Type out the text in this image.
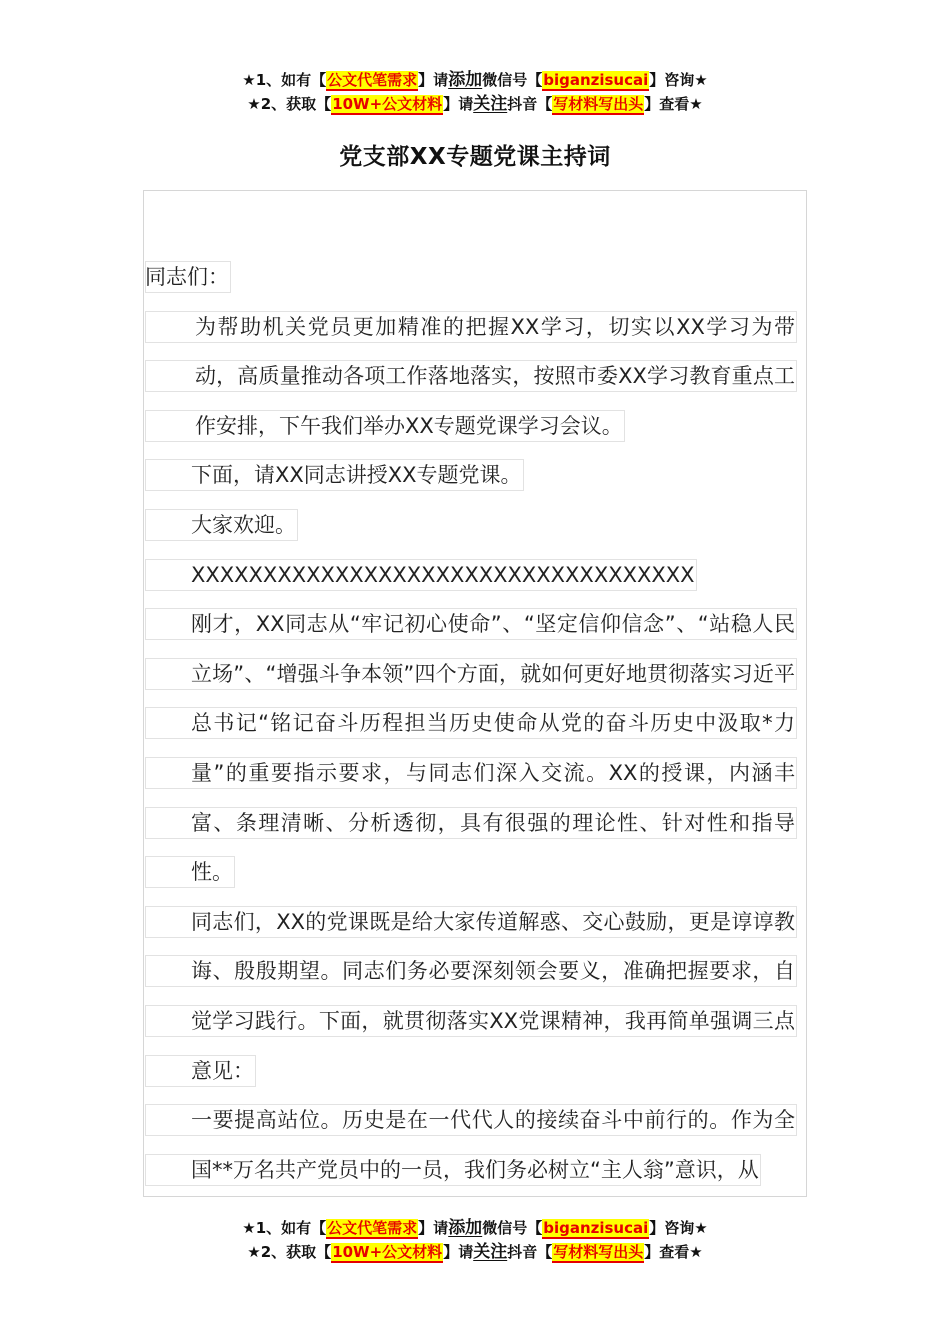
★1、如有【公文代笔需求】请添加微信号【biganzisucai】咨询★
★2、获取【10W+公文材料】请关注抖音【写材料写出头】查看★
党支部XX专题党课主持词

同志们：

为帮助机关党员更加精准的把握XX学习，切实以XX学习为带动，高质量推动各项工作落地落实，按照市委XX学习教育重点工作安排，下午我们举办XX专题党课学习会议。

下面，请XX同志讲授XX专题党课。

大家欢迎。

XXXXXXXXXXXXXXXXXXXXXXXXXXXXXXXXXXX

刚才，XX同志从“牢记初心使命”、“坚定信仰信念”、“站稳人民立场”、“增强斗争本领”四个方面，就如何更好地贯彻落实习近平总书记“铭记奋斗历程担当历史使命从党的奋斗历史中汲取*力量”的重要指示要求，与同志们深入交流。XX的授课，内涵丰富、条理清晰、分析透彻，具有很强的理论性、针对性和指导性。

同志们，XX的党课既是给大家传道解惑、交心鼓励，更是谆谆教诲、殷殷期望。同志们务必要深刻领会要义，准确把握要求，自觉学习践行。下面，就贯彻落实XX党课精神，我再简单强调三点意见：

一要提高站位。历史是在一代代人的接续奋斗中前行的。作为全国**万名共产党员中的一员，我们务必树立“主人翁”意识，从

★1、如有【公文代笔需求】请添加微信号【biganzisucai】咨询★
★2、获取【10W+公文材料】请关注抖音【写材料写出头】查看★
